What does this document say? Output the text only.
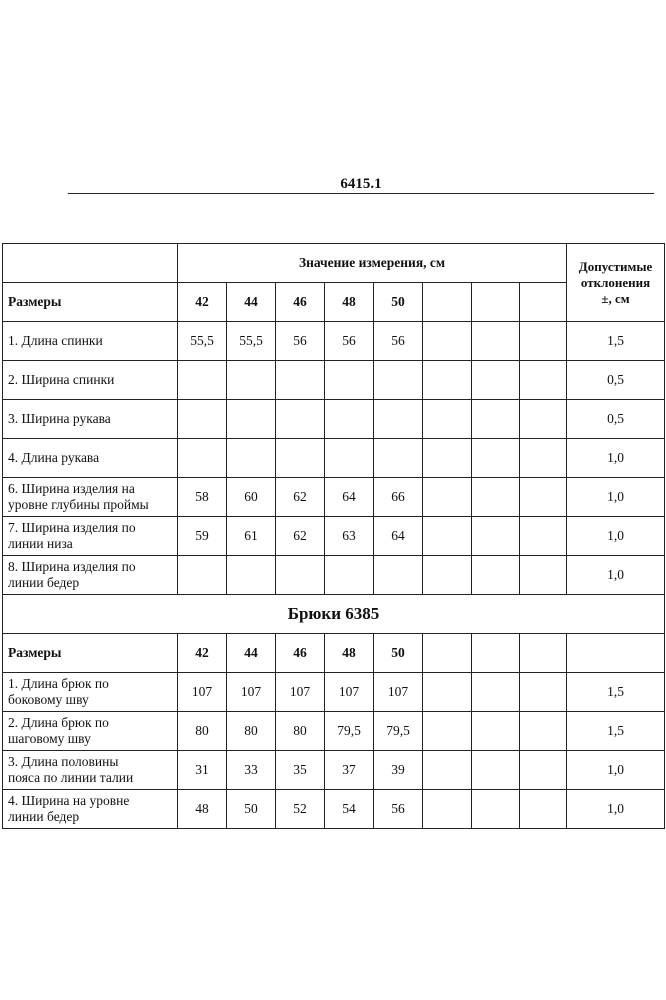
6415.1
	Значение измерения, см								Допустимые
отклонения
±, см

Размеры	42	44	46	48	50				

1. Длина спинки	55,5	55,5	56	56	56				1,5

2. Ширина спинки									0,5

3. Ширина рукава									0,5

4. Длина рукава									1,0

6. Ширина изделия на
уровне глубины проймы	58	60	62	64	66				1,0

7. Ширина изделия по
линии низа	59	61	62	63	64				1,0

8. Ширина изделия по
линии бедер									1,0
Брюки 6385									
Размеры	42	44	46	48	50				

1. Длина брюк по
боковому шву	107	107	107	107	107				1,5

2. Длина брюк по
шаговому шву	80	80	80	79,5	79,5				1,5

3. Длина половины
пояса по линии талии	31	33	35	37	39				1,0

4. Ширина на уровне
линии бедер	48	50	52	54	56				1,0
